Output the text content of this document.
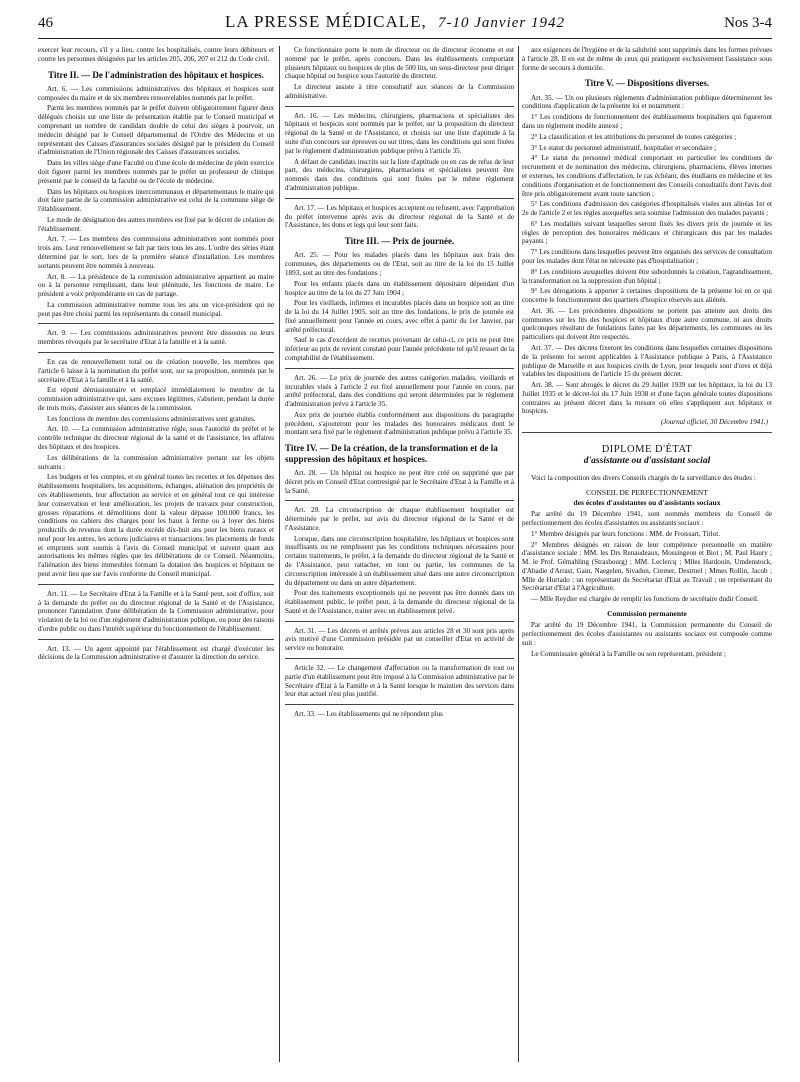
46	LA PRESSE MÉDICALE, 7-10 Janvier 1942	Nos 3-4

exercer leur recours, s'il y a lieu, contre les hospitalisés, contre leurs débiteurs et contre les personnes désignées par les articles 205, 206, 207 et 212 du Code civil.

Titre II. — De l'administration des hôpitaux et hospices.

Art. 6. — Les commissions administratives des hôpitaux et hospices sont composées du maire et de six membres renouvelables nommés par le préfet.

Parmi les membres nommés par le préfet doivent obligatoirement figurer deux délégués choisis sur une liste de présentation établie par le Conseil municipal et comprenant un nombre de candidats double de celui des sièges à pourvoir, un médecin désigné par le Conseil départemental de l'Ordre des Médecins et un représentant des Caisses d'assurances sociales désigné par le président du Conseil d'administration de l'Union régionale des Caisses d'assurances sociales.

Dans les villes siège d'une Faculté ou d'une école de médecine de plein exercice doit figurer parmi les membres nommés par le préfet un professeur de clinique présenté par le conseil de la faculté ou de l'école de médecine.

Dans les hôpitaux ou hospices intercommunaux et départementaux le maire qui doit faire partie de la commission administrative est celui de la commune siège de l'établissement.

Le mode de désignation des autres membres est fixé par le décret de création de l'établissement.

Art. 7. — Les membres des commissions administratives sont nommés pour trois ans. Leur renouvellement se fait par tiers tous les ans. L'ordre des séries étant déterminé par le sort, lors de la première séance d'installation. Les membres sortants peuvent être nommés à nouveau.

Art. 8. — La présidence de la commission administrative appartient au maire ou à la personne remplissant, dans leur plénitude, les fonctions de maire. Le président a voix prépondérante en cas de partage.

La commission administrative nomme tous les ans un vice-président qui ne peut pas être choisi parmi les représentants du conseil municipal.

Art. 9. — Les commissions administratives peuvent être dissoutes ou leurs membres révoqués par le secrétaire d'Etat à la famille et à la santé.

En cas de renouvellement total ou de création nouvelle, les membres que l'article 6 laisse à la nomination du préfet sont, sur sa proposition, nommés par le secrétaire d'Etat à la famille et à la santé.

Est réputé démissionnaire et remplacé immédiatement le membre de la commission administrative qui, sans excuses légitimes, s'abstient, pendant la durée de trois mois, d'assister aux séances de la commission.

Les fonctions de membre des commissions administratives sont gratuites.

Art. 10. — La commission administrative règle, sous l'autorité du préfet et le contrôle technique du directeur régional de la santé et de l'assistance, les affaires des hôpitaux et des hospices.

Les délibérations de la commission administrative portant sur les objets suivants :

Les budgets et les comptes, et en général toutes les recettes et les dépenses des établissements hospitaliers, les acquisitions, échanges, aliénation des propriétés de ces établissements, leur affectation au service et en général tout ce qui intéresse leur conservation et leur amélioration, les projets de travaux pour construction, grosses réparations et démolitions dont la valeur dépasse 100.000 francs, les conditions ou cahiers des charges pour les baux à ferme ou à loyer des biens productifs de revenus dont la durée excède dix-huit ans pour les biens ruraux et neuf pour les autres, les actions judiciaires et transactions, les placements de fonds et emprunts sont soumis à l'avis du Conseil municipal et suivent quant aux autorisations les mêmes règles que les délibérations de ce Conseil. Néanmoins, l'aliénation des biens immeubles formant la dotation des hospices et hôpitaux ne peut avoir lieu que sur l'avis conforme du Conseil municipal.

Art. 11. — Le Secrétaire d'Etat à la Famille et à la Santé peut, soit d'office, soit à la demande du préfet ou du directeur régional de la Santé et de l'Assistance, prononcer l'annulation d'une délibération de la Commission administrative, pour violation de la loi ou d'un règlement d'administration publique, ou pour des raisons d'ordre public ou dans l'intérêt supérieur du fonctionnement de l'établissement.

Art. 13. — Un agent appointé par l'établissement est chargé d'exécuter les décisions de la Commission administrative et d'assurer la direction du service.

Ce fonctionnaire porte le nom de directeur ou de directeur économe et est nommé par le préfet, après concours. Dans les établissements comportant plusieurs hôpitaux ou hospices de plus de 500 lits, un sous-directeur peut diriger chaque hôpital ou hospice sous l'autorité du directeur.

Le directeur assiste à titre consultatif aux séances de la Commission administrative.

Art. 16. — Les médecins, chirurgiens, pharmaciens et spécialistes des hôpitaux et hospices sont nommés par le préfet, sur la proposition du directeur régional de la Santé et de l'Assistance, et choisis sur une liste d'aptitude à la suite d'un concours sur épreuves ou sur titres, dans les conditions qui sont fixées par le règlement d'administration publique prévu à l'article 35.

A défaut de candidats inscrits sur la liste d'aptitude ou en cas de refus de leur part, des médecins, chirurgiens, pharmaciens et spécialistes peuvent être nommés dans des conditions qui sont fixées par le même règlement d'administration publique.

Art. 17. — Les hôpitaux et hospices acceptent ou refusent, avec l'approbation du préfet intervenue après avis du directeur régional de la Santé et de l'Assistance, les dons et legs qui leur sont faits.

Titre III. — Prix de journée.

Art. 25. — Pour les malades placés dans les hôpitaux aux frais des communes, des départements ou de l'Etat, soit au titre de la loi du 15 Juillet 1893, soit au titre des fondations ;

Pour les enfants placés dans un établissement dépositaire dépendant d'un hospice au titre de la loi du 27 Juin 1904 ;

Pour les vieillards, infirmes et incurables placés dans un hospice soit au titre de la loi du 14 Juillet 1905, soit au titre des fondations, le prix de journée est fixé annuellement pour l'année en cours, avec effet à partir du 1er Janvier, par arrêté préfectoral.

Sauf le cas d'excédent de recettes provenant de celui-ci, ce prix ne peut être inférieur au prix de revient constaté pour l'année précédente tel qu'il ressort de la comptabilité de l'établissement.

Art. 26. — Le prix de journée des autres catégories malades, vieillards et incurables visés à l'article 2 est fixé annuellement pour l'année en cours, par arrêté préfectoral, dans des conditions qui seront déterminées par le règlement d'administration prévu à l'article 35.

Aux prix de journée établis conformément aux dispositions du paragraphe précédent, s'ajouteront pour les malades des honoraires médicaux dont le montant sera fixé par le règlement d'administration publique prévu à l'article 35.

Titre IV. — De la création, de la transformation et de la suppression des hôpitaux et hospices.

Art. 28. — Un hôpital ou hospice ne peut être créé ou supprimé que par décret pris en Conseil d'Etat contresigné par le Secrétaire d'Etat à la Famille et à la Santé.

Art. 29. La circonscription de chaque établissement hospitalier est déterminée par le préfet, sur avis du directeur régional de la Santé et de l'Assistance.

Lorsque, dans une circonscription hospitalière, les hôpitaux et hospices sont insuffisants ou ne remplissent pas les conditions techniques nécessaires pour certains traitements, le préfet, à la demande du directeur régional de la Santé et de l'Assistance, peut rattacher, en tout ou partie, les communes de la circonscription intéressée à un établissement situé dans une autre circonscription du département ou dans un autre département.

Pour des traitements exceptionnels qui ne peuvent pas être donnés dans un établissement public, le préfet peut, à la demande du directeur régional de la Santé et de l'Assistance, traiter avec un établissement privé.

Art. 31. — Les décrets et arrêtés prévus aux articles 28 et 30 sont pris après avis motivé d'une Commission présidée par un conseiller d'Etat en activité de service ou honoraire.

Article 32. — Le changement d'affectation ou la transformation de tout ou partie d'un établissement peut être imposé à la Commission administrative par le Secrétaire d'Etat à la Famille et à la Santé lorsque le maintien des services dans leur état actuel n'est plus justifié.

Art. 33. — Les établissements qui ne répondent plus

aux exigences de l'hygiène et de la salubrité sont supprimés dans les formes prévues à l'article 28. Il en est de même de ceux qui pratiquent exclusivement l'assistance sous forme de secours à domicile.

Titre V. — Dispositions diverses.

Art. 35. — Un ou plusieurs règlements d'administration publique détermineront les conditions d'application de la présente loi et notamment :

1° Les conditions de fonctionnement des établissements hospitaliers qui figureront dans un règlement modèle annexé ;

2° La classification et les attributions du personnel de toutes catégories ;

3° Le statut du personnel administratif, hospitalier et secondaire ;

4° Le statut du personnel médical comportant en particulier les conditions de recrutement et de nomination des médecins, chirurgiens, pharmaciens, élèves internes et externes, les conditions d'affectation, le cas échéant, des étudiants en médecine et les conditions d'organisation et de fonctionnement des Conseils consultatifs dont l'avis doit être pris obligatoirement avant toute sanction ;

5° Les conditions d'admission des catégories d'hospitalisés visées aux alinéas 1er et 2e de l'article 2 et les règles auxquelles sera soumise l'admission des malades payants ;

6° Les modalités suivant lesquelles seront fixés les divers prix de journée et les règles de perception des honoraires médicaux et chirurgicaux dus par les malades payants ;

7° Les conditions dans lesquelles peuvent être organisés des services de consultation pour les malades dont l'état ne nécessite pas d'hospitalisation ;

8° Les conditions auxquelles doivent être subordonnés la création, l'agrandissement, la transformation ou la suppression d'un hôpital ;

9° Les dérogations à apporter à certaines dispositions de la présente loi en ce qui concerne le fonctionnement des quartiers d'hospice réservés aux aliénés.

Art. 36. — Les précédentes dispositions ne portent pas atteinte aux droits des communes sur les lits des hospices et hôpitaux d'une autre commune, ni aux droits quelconques résultant de fondations faites par les départements, les communes ou les particuliers qui doivent être respectés.

Art. 37. — Des décrets fixeront les conditions dans lesquelles certaines dispositions de la présente loi seront applicables à l'Assistance publique à Paris, à l'Assistance publique de Marseille et aux hospices civils de Lyon, pour lesquels sont d'ores et déjà valables les dispositions de l'article 15 du présent décret.

Art. 38. — Sont abrogés le décret du 29 Juillet 1939 sur les hôpitaux, la loi du 13 Juillet 1935 et le décret-loi du 17 Juin 1938 et d'une façon générale toutes dispositions contraires au présent décret dans la mesure où elles s'appliquent aux hôpitaux et hospices.

(Journal officiel, 30 Décembre 1941.)

DIPLOME D'ÉTAT
d'assistante ou d'assistant social

Voici la composition des divers Conseils chargés de la surveillance des études :

CONSEIL DE PERFECTIONNEMENT
des écoles d'assistantes ou d'assistants sociaux

Par arrêté du 19 Décembre 1941, sont nommés membres du Conseil de perfectionnement des écoles d'assistantes ou assistants sociaux :

1° Membre désignés par leurs fonctions : MM. de Froissart, Tirlot.

2° Membres désignés en raison de leur compétence personnelle en matière d'assistance sociale : MM. les Drs Renaudeaux, Mossingeon et Biot ; M. Paul Haury ; M. le Prof. Gémahling (Strasbourg) ; MM. Leclercq ; Mlles Hardouin, Umdenstock, d'Abadie d'Arrast, Gain, Naegelen, Sivadon, Cremer, Destruel ; Mmes Rollin, Jacob ; Mlle de Hurtado ; un représentant du Secrétariat d'Etat au Travail ; un représentant du Secrétariat d'Etat à l'Agriculture.

— Mlle Reydier est chargée de remplir les fonctions de secrétaire dudit Conseil.

Commission permanente

Par arrêté du 19 Décembre 1941, la Commission permanente du Conseil de perfectionnement des écoles d'assistantes ou assistants sociaux est composée comme suit :

Le Commissaire général à la Famille ou son représentant, président ;
